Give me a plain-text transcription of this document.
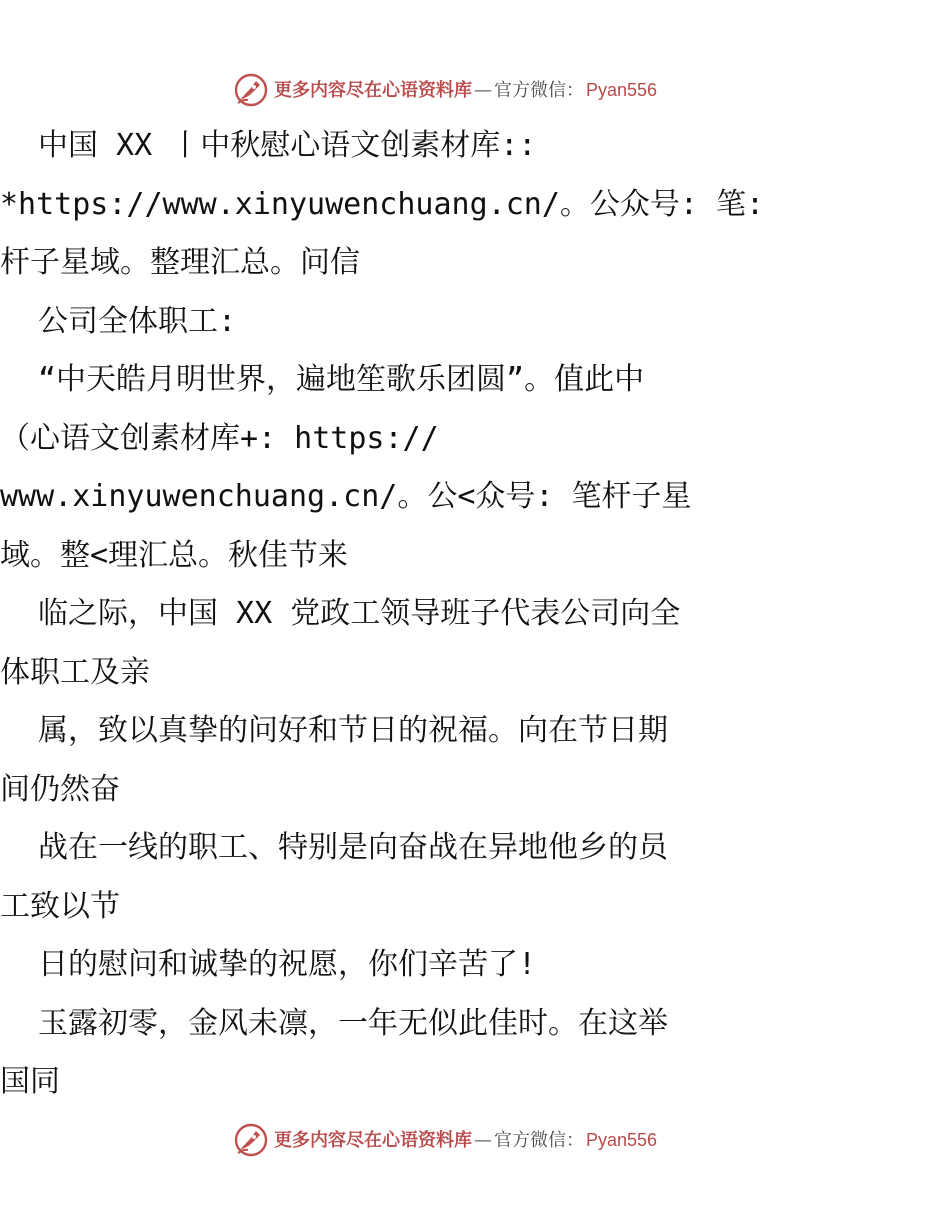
更多内容尽在心语资料库 — 官方微信： Pyan556
中国 XX 丨中秋慰心语文创素材库::
*https://www.xinyuwenchuang.cn/。公众号: 笔:
杆子星域。整理汇总。问信
公司全体职工:
“中天皓月明世界，遍地笙歌乐团圆”。值此中
（心语文创素材库+: https://
www.xinyuwenchuang.cn/。公<众号: 笔杆子星
域。整<理汇总。秋佳节来
临之际，中国 XX 党政工领导班子代表公司向全
体职工及亲
属，致以真挚的问好和节日的祝福。向在节日期
间仍然奋
战在一线的职工、特别是向奋战在异地他乡的员
工致以节
日的慰问和诚挚的祝愿，你们辛苦了!
玉露初零，金风未凛，一年无似此佳时。在这举
国同
更多内容尽在心语资料库 — 官方微信： Pyan556
